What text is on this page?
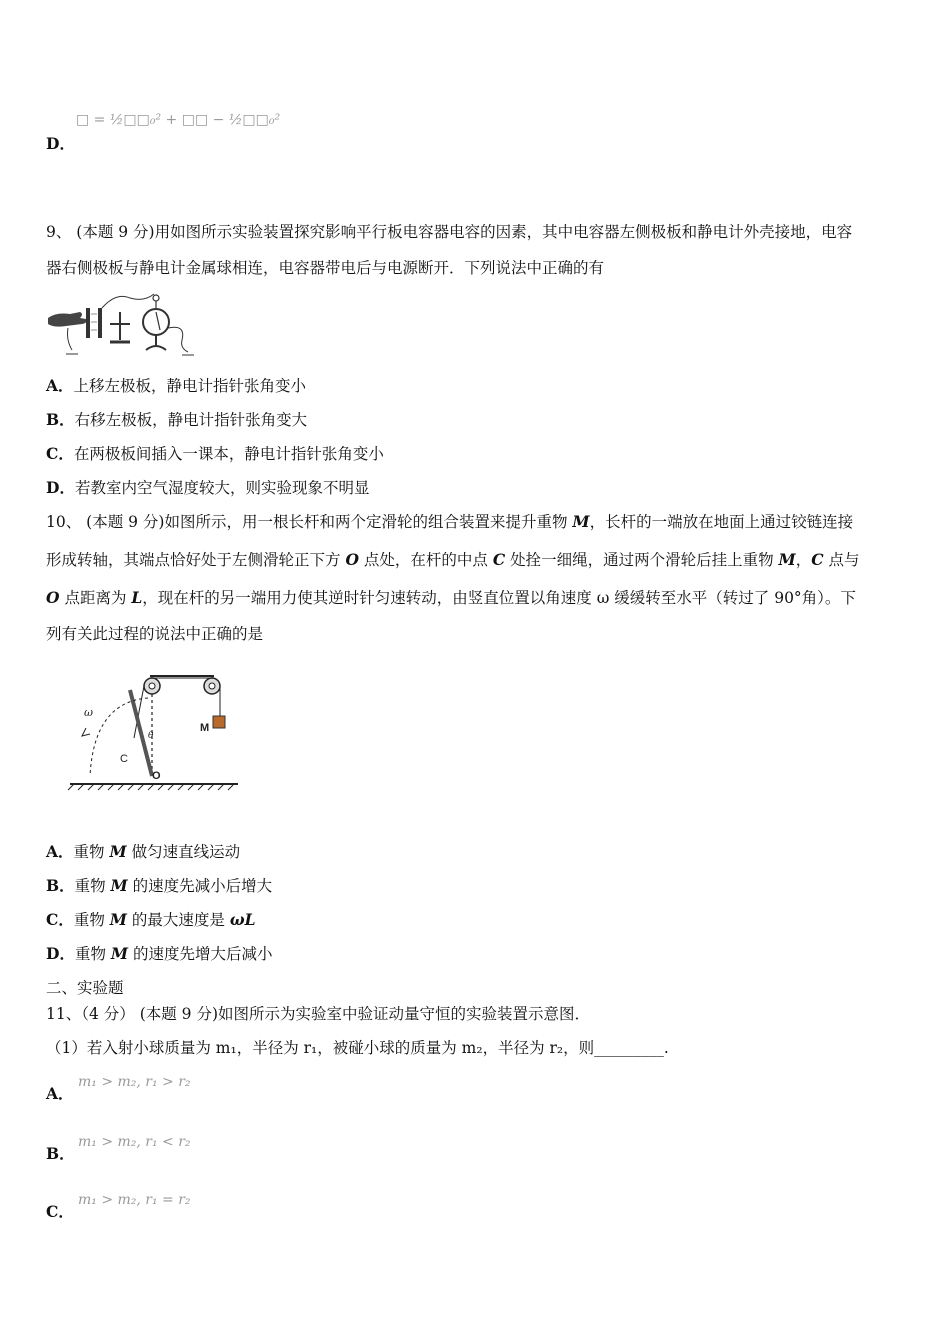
□ = ½□□₀² + □□ − ½□□₀²
D．
9、 (本题 9 分)用如图所示实验装置探究影响平行板电容器电容的因素，其中电容器左侧极板和静电计外壳接地，电容
器右侧极板与静电计金属球相连，电容器带电后与电源断开．下列说法中正确的有
A．上移左极板，静电计指针张角变小
B．右移左极板，静电计指针张角变大
C．在两极板间插入一课本，静电计指针张角变小
D．若教室内空气湿度较大，则实验现象不明显
10、 (本题 9 分)如图所示，用一根长杆和两个定滑轮的组合装置来提升重物 M，长杆的一端放在地面上通过铰链连接
形成转轴，其端点恰好处于左侧滑轮正下方 O 点处，在杆的中点 C 处拴一细绳，通过两个滑轮后挂上重物 M，C 点与
O 点距离为 L，现在杆的另一端用力使其逆时针匀速转动，由竖直位置以角速度 ω 缓缓转至水平（转过了 90°角）。下
列有关此过程的说法中正确的是
M
ω
θ
C
O
A．重物 M 做匀速直线运动
B．重物 M 的速度先减小后增大
C．重物 M 的最大速度是 ωL
D．重物 M 的速度先增大后减小
二、实验题
11、（4 分） (本题 9 分)如图所示为实验室中验证动量守恒的实验装置示意图．
（1）若入射小球质量为 m₁，半径为 r₁，被碰小球的质量为 m₂，半径为 r₂，则_________.
m₁ > m₂, r₁ > r₂
A．
m₁ > m₂, r₁ < r₂
B．
m₁ > m₂, r₁ = r₂
C．
